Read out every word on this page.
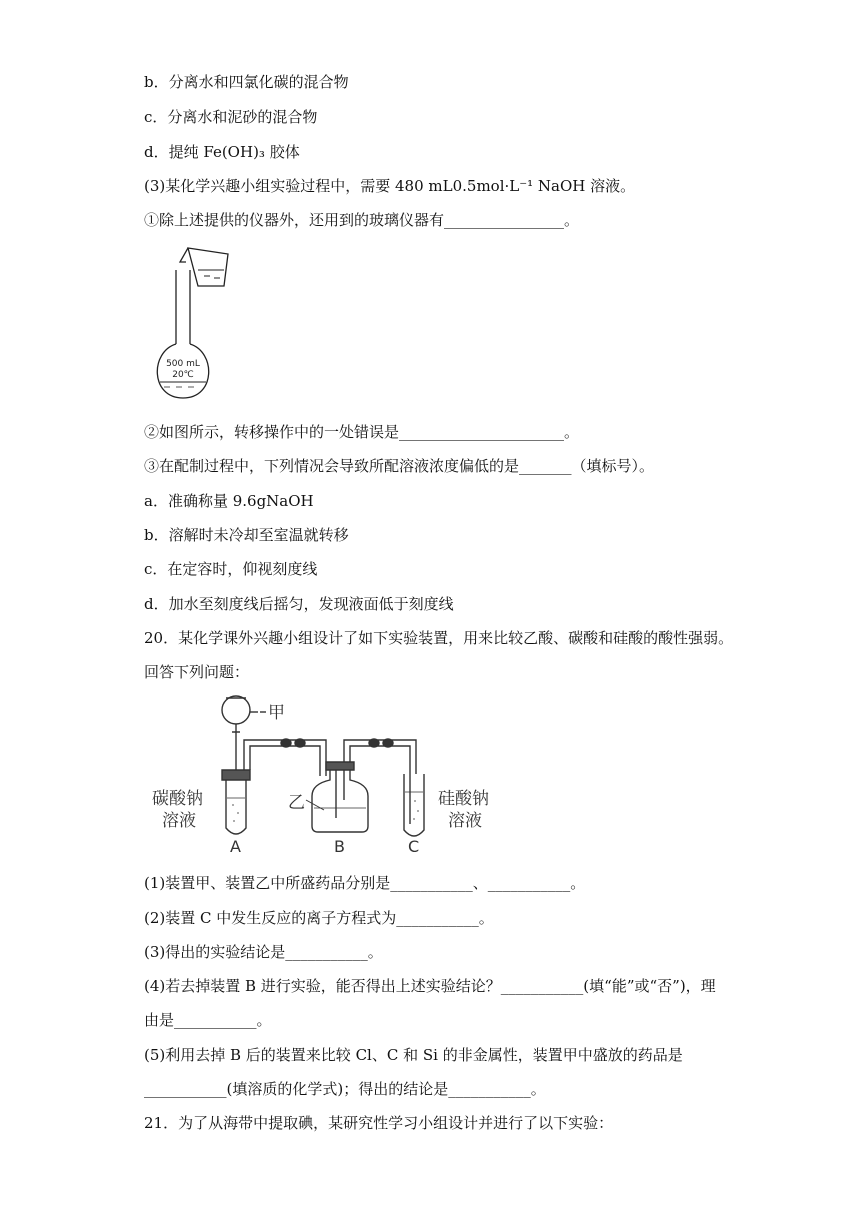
b．分离水和四氯化碳的混合物
c．分离水和泥砂的混合物
d．提纯 Fe(OH)₃ 胶体
(3)某化学兴趣小组实验过程中，需要 480 mL0.5mol·L⁻¹ NaOH 溶液。
①除上述提供的仪器外，还用到的玻璃仪器有________________。
500 mL
20℃
②如图所示，转移操作中的一处错误是______________________。
③在配制过程中，下列情况会导致所配溶液浓度偏低的是_______（填标号）。
a．准确称量 9.6gNaOH
b．溶解时未冷却至室温就转移
c．在定容时，仰视刻度线
d．加水至刻度线后摇匀，发现液面低于刻度线
20．某化学课外兴趣小组设计了如下实验装置，用来比较乙酸、碳酸和硅酸的酸性强弱。
回答下列问题：
甲
乙
碳酸钠
溶液
硅酸钠
溶液
A	B	C
(1)装置甲、装置乙中所盛药品分别是___________、___________。
(2)装置 C 中发生反应的离子方程式为___________。
(3)得出的实验结论是___________。
(4)若去掉装置 B 进行实验，能否得出上述实验结论？___________(填“能”或“否”)，理
由是___________。
(5)利用去掉 B 后的装置来比较 Cl、C 和 Si 的非金属性，装置甲中盛放的药品是
___________(填溶质的化学式)；得出的结论是___________。
21．为了从海带中提取碘，某研究性学习小组设计并进行了以下实验：
